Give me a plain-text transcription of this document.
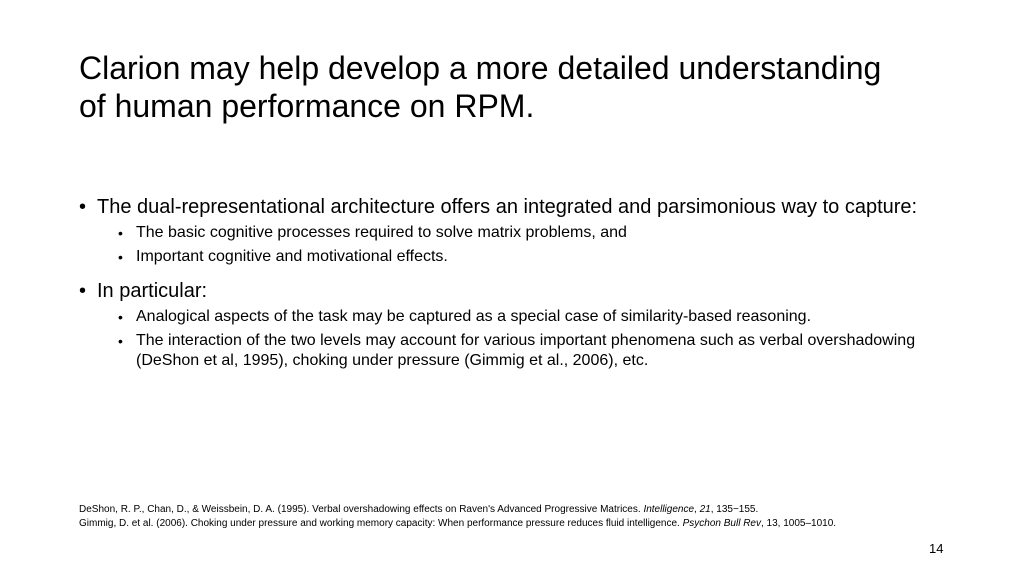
Clarion may help develop a more detailed understanding
of human performance on RPM.
• The dual-representational architecture offers an integrated and parsimonious way to capture:
• The basic cognitive processes required to solve matrix problems, and
• Important cognitive and motivational effects.
• In particular:
• Analogical aspects of the task may be captured as a special case of similarity-based reasoning.
• The interaction of the two levels may account for various important phenomena such as verbal overshadowing (DeShon et al, 1995), choking under pressure (Gimmig et al., 2006), etc.
DeShon, R. P., Chan, D., & Weissbein, D. A. (1995). Verbal overshadowing effects on Raven's Advanced Progressive Matrices. Intelligence, 21, 135−155.
Gimmig, D. et al. (2006). Choking under pressure and working memory capacity: When performance pressure reduces fluid intelligence. Psychon Bull Rev, 13, 1005–1010.
14
